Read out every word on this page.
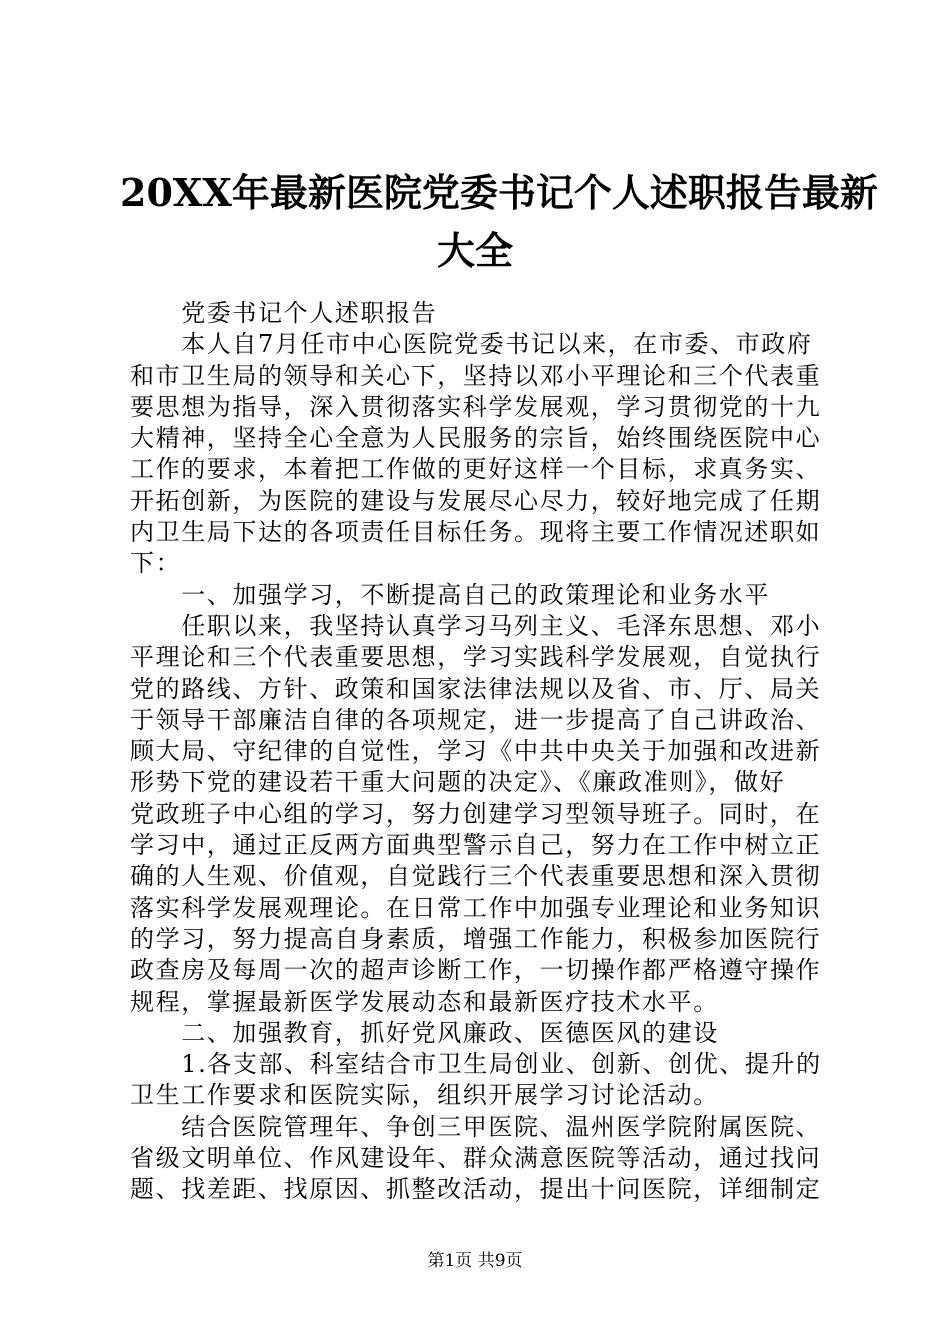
20XX年最新医院党委书记个人述职报告最新
大全
　　党委书记个人述职报告
　　本人自7月任市中心医院党委书记以来，在市委、市政府
和市卫生局的领导和关心下，坚持以邓小平理论和三个代表重
要思想为指导，深入贯彻落实科学发展观，学习贯彻党的十九
大精神，坚持全心全意为人民服务的宗旨，始终围绕医院中心
工作的要求，本着把工作做的更好这样一个目标，求真务实、
开拓创新，为医院的建设与发展尽心尽力，较好地完成了任期
内卫生局下达的各项责任目标任务。现将主要工作情况述职如
下：
　　一、加强学习，不断提高自己的政策理论和业务水平
　　任职以来，我坚持认真学习马列主义、毛泽东思想、邓小
平理论和三个代表重要思想，学习实践科学发展观，自觉执行
党的路线、方针、政策和国家法律法规以及省、市、厅、局关
于领导干部廉洁自律的各项规定，进一步提高了自己讲政治、
顾大局、守纪律的自觉性，学习《中共中央关于加强和改进新
形势下党的建设若干重大问题的决定》、《廉政准则》，做好
党政班子中心组的学习，努力创建学习型领导班子。同时，在
学习中，通过正反两方面典型警示自己，努力在工作中树立正
确的人生观、价值观，自觉践行三个代表重要思想和深入贯彻
落实科学发展观理论。在日常工作中加强专业理论和业务知识
的学习，努力提高自身素质，增强工作能力，积极参加医院行
政查房及每周一次的超声诊断工作，一切操作都严格遵守操作
规程，掌握最新医学发展动态和最新医疗技术水平。
　　二、加强教育，抓好党风廉政、医德医风的建设
　　1.各支部、科室结合市卫生局创业、创新、创优、提升的
卫生工作要求和医院实际，组织开展学习讨论活动。
　　结合医院管理年、争创三甲医院、温州医学院附属医院、
省级文明单位、作风建设年、群众满意医院等活动，通过找问
题、找差距、找原因、抓整改活动，提出十问医院，详细制定
第1页 共9页
